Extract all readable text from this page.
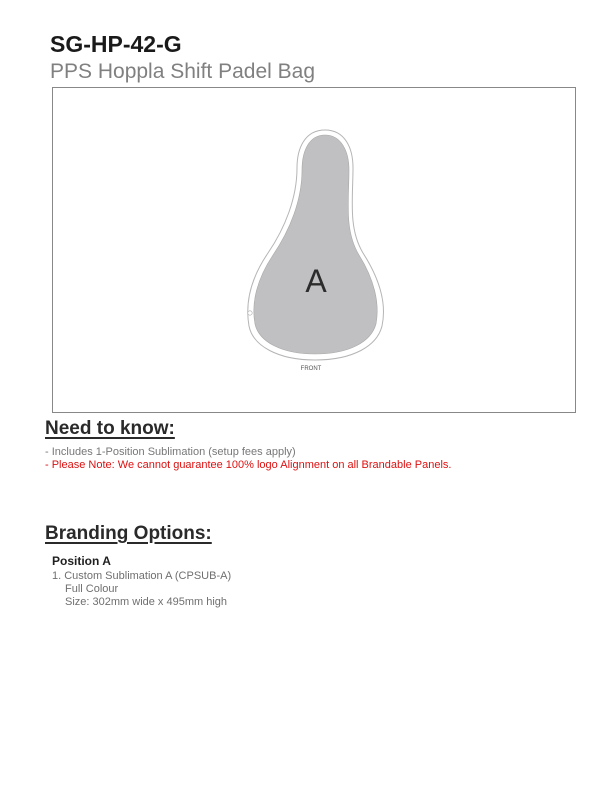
SG-HP-42-G
PPS Hoppla Shift Padel Bag
A
FRONT
Need to know:
- Includes 1-Position Sublimation (setup fees apply)
- Please Note: We cannot guarantee 100% logo Alignment on all Brandable Panels.
Branding Options:
Position A
1. Custom Sublimation A (CPSUB-A)
Full Colour
Size: 302mm wide x 495mm high
